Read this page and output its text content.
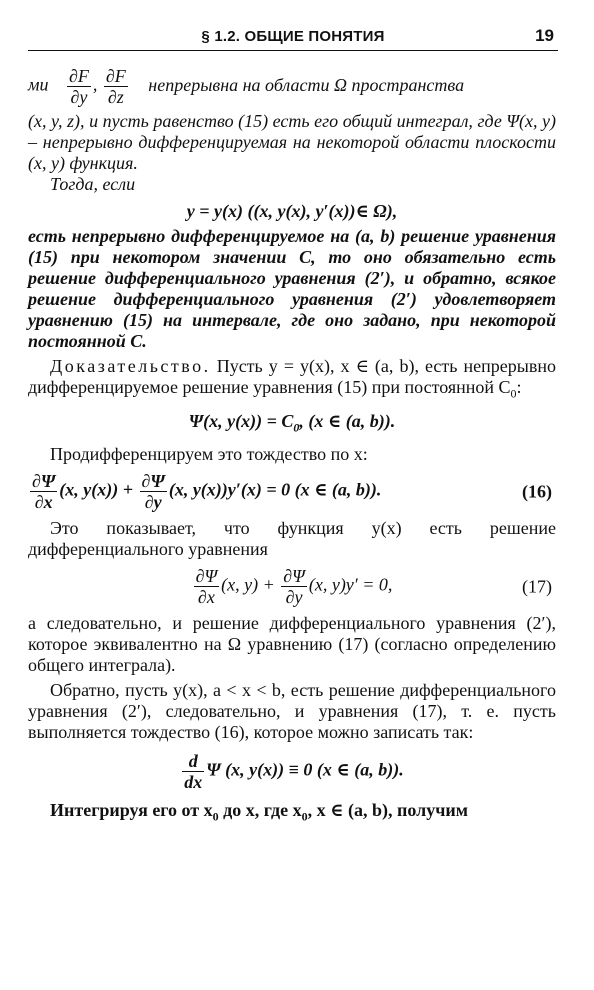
§ 1.2. ОБЩИЕ ПОНЯТИЯ	19

ми $\frac{\partial F}{\partial y}$ , $\frac{\partial F}{\partial z}$ непрерывна на области Ω пространства

(x, y, z), и пусть равенство (15) есть его общий интеграл, где Ψ(x, y) – непрерывно дифференцируемая на некоторой области плоскости (x, y) функция.

Тогда, если

y = y(x) ((x, y(x), y′(x))∈ Ω),

есть непрерывно дифференцируемое на (a, b) решение уравнения (15) при некотором значении C, то оно обязательно есть решение дифференциального уравнения (2′), и обратно, всякое решение дифференциального уравнения (2′) удовлетворяет уравнению (15) на интервале, где оно задано, при некоторой постоянной C.

Доказательство. Пусть y = y(x), x ∈ (a, b), есть непрерывно дифференцируемое решение уравнения (15) при постоянной $C_0$:

Ψ(x, $y(x)) = C_0$, (x ∈ (a, b)).

Продифференцируем это тождество по x:

$\frac{\partial\Psi}{\partial x} (x$, $y(x)) + \frac{\partial\Psi}{\partial y} (x$, y(x))y′(x) = 0 (x ∈ (a, b)).	(16)

Это показывает, что функция y(x) есть решение дифференциального уравнения

$\frac{\partial\Psi}{\partial x} (x$, $y) + \frac{\partial\Psi}{\partial y} (x$, y)y′ = 0,	(17)

а следовательно, и решение дифференциального уравнения (2′), которое эквивалентно на Ω уравнению (17) (согласно определению общего интеграла).

Обратно, пусть y(x), a < x < b, есть решение дифференциального уравнения (2′), следовательно, и уравнения (17), т. е. пусть выполняется тождество (16), которое можно записать так:

$\frac{d}{dx}$ Ψ (x, y(x)) ≡ 0 (x ∈ (a, b)).

Интегрируя его от $x_0$ до x, где $x_0$, x ∈ (a, b), получим
